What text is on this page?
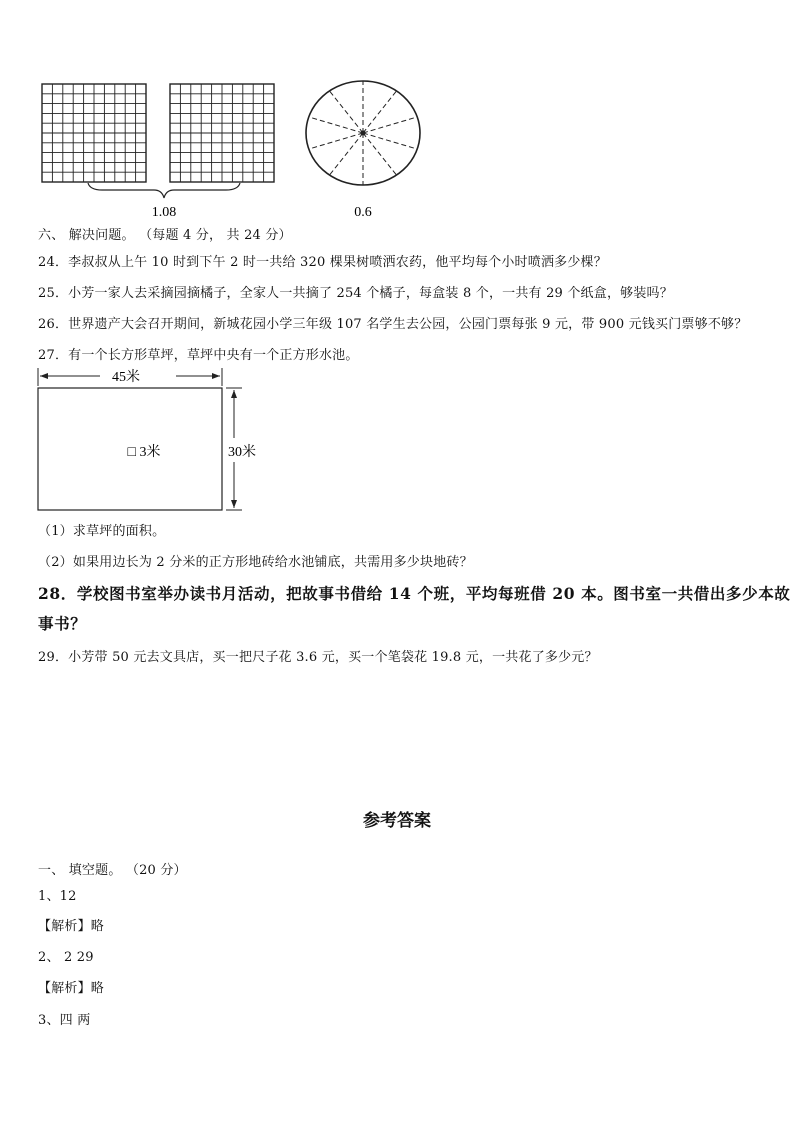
1.08	0.6
六、 解决问题。 （每题 4 分， 共 24 分）
24．李叔叔从上午 10 时到下午 2 时一共给 320 棵果树喷洒农药，他平均每个小时喷洒多少棵？
25．小芳一家人去采摘园摘橘子，全家人一共摘了 254 个橘子，每盒装 8 个，一共有 29 个纸盒，够装吗？
26．世界遗产大会召开期间，新城花园小学三年级 107 名学生去公园，公园门票每张 9 元，带 900 元钱买门票够不够？
27．有一个长方形草坪，草坪中央有一个正方形水池。
45米
□ 3米	30米
（1）求草坪的面积。
（2）如果用边长为 2 分米的正方形地砖给水池铺底，共需用多少块地砖？
28．学校图书室举办读书月活动，把故事书借给 14 个班，平均每班借 20 本。图书室一共借出多少本故
事书？
29．小芳带 50 元去文具店，买一把尺子花 3.6 元，买一个笔袋花 19.8 元，一共花了多少元？
参考答案
一、 填空题。 （20 分）
1、12
【解析】略
2、 2 29
【解析】略
3、四 两
